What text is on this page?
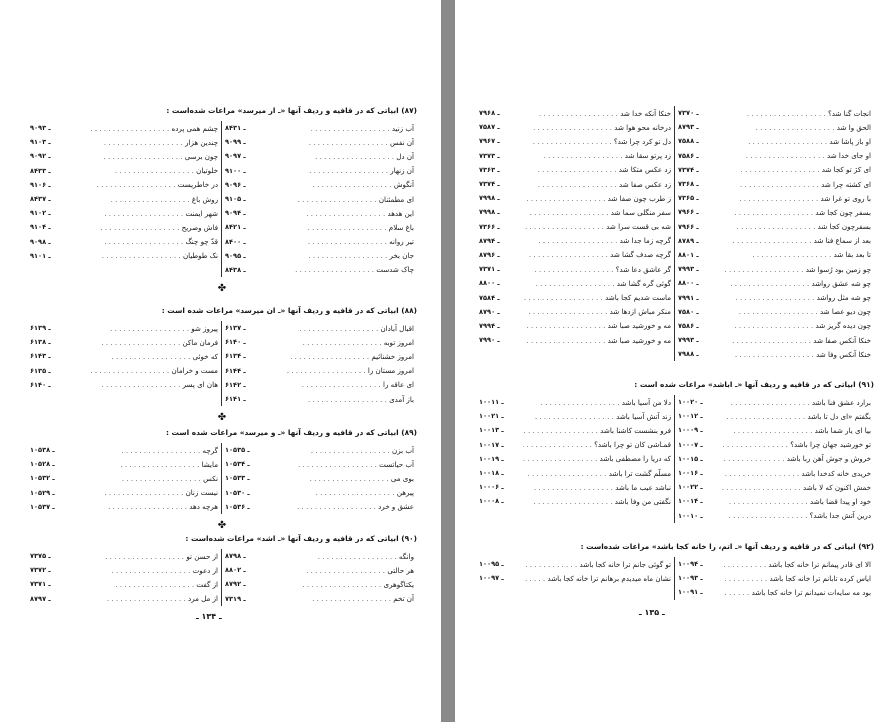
(۸۷) ابیاتی که در قافیه و ردیف آنها «ـ ار میرسد» مراعات شده‌است :
آب زنید . . .
۸۴۳۱ ـ
آن نفس . . .
۹۰۹۹ ـ
آن دل . . .
۹۰۹۷ ـ
آن زنهار . . .
۹۱۰۰ ـ
آنگوش . . .
۹۰۹۶ ـ
ای مطمئنان . . .
۹۱۰۵ ـ
این هدهد . . .
۹۰۹۴ ـ
باغ سلام . . .
۸۴۲۱ ـ
تیر روانه . . .
۸۴۰۰ ـ
جان بخر . . .
۹۰۹۵ ـ
چاک شدست . . .
۸۴۳۸ ـ
چشم همی پرده . . .
۹۰۹۳ ـ
چندین هزار . . .
۹۱۰۳ ـ
چون برسی . . .
۹۰۹۲ ـ
خلوتیان . . .
۸۴۳۳ ـ
در خاطریست . . .
۹۱۰۶ ـ
روش باغ . . .
۸۴۳۷ ـ
شهر ایمنت . . .
۹۱۰۲ ـ
فاش وصریح . . .
۹۱۰۴ ـ
قدّ چو چنگ . . .
۹۰۹۸ ـ
نک طوطیان . . .
۹۱۰۱ ـ
✤
(۸۸) ابیاتی که در قافیه و ردیف آنها «ـ ان میرسد» مراعات شده است :
اقبال آبادان . . .
۶۱۳۷ ـ
امروز توبه . . .
۶۱۴۰ ـ
امروز خشنائیم . . .
۶۱۳۴ ـ
امروز مستان را . . .
۶۱۴۴ ـ
ای عاقه را . . .
۶۱۴۲ ـ
باز آمدی . . .
۶۱۴۱ ـ
پیروز شو . . .
۶۱۳۹ ـ
فرمان ماکن . . .
۶۱۳۸ ـ
که خوئی . . .
۶۱۴۳ ـ
مست و خرامان . . .
۶۱۳۵ ـ
هان ای پسر . . .
۶۱۴۰ ـ
✤
(۸۹) ابیاتی که در قافیه و ردیف آنها «ـ و میرسد» مراعات شده است :
آب بزن . . .
۱۰۵۳۵ ـ
آب حیاتست . . .
۱۰۵۳۴ ـ
بوی می . . .
۱۰۵۳۳ ـ
پیرهن . . .
۱۰۵۳۰ ـ
عشق و خرد . . .
۱۰۵۳۶ ـ
گرچه . . .
۱۰۵۳۸ ـ
مایشا . . .
۱۰۵۲۸ ـ
نکس . . .
۱۰۵۳۲ ـ
نیست زنان . . .
۱۰۵۲۹ ـ
هرچه دهد . . .
۱۰۵۳۷ ـ
✤
(۹۰) ابیاتی که در قافیه و ردیف آنها «ـ اشد» مراعات شده‌است :
وانگه . . .
۸۷۹۸ ـ
هر حالتی . . .
۸۸۰۲ ـ
یکتاگوهری . . .
۸۷۹۲ ـ
آن تخم . . .
۷۳۱۹ ـ
از حسن تو . . .
۷۳۷۵ ـ
از دعوت . . .
۷۳۷۲ ـ
از گفت . . .
۷۳۷۱ ـ
از مل مرد . . .
۸۷۹۷ ـ
ـ ۱۳۴ ـ
انجات گنا شد؟ . . .
۷۳۷۰ ـ
الحق وا شد . . .
۸۷۹۳ ـ
او باز پاشا شد . . .
۷۵۸۸ ـ
او جای خدا شد . . .
۷۵۸۶ ـ
ای کژ تو کجا شد . . .
۷۳۷۴ ـ
ای کشته چرا شد . . .
۷۳۶۸ ـ
با روی تو غرا شد . . .
۷۳۶۵ ـ
بسفر چون کجا شد . . .
۷۹۶۶ ـ
بسفرچون کجا شد . . .
۷۹۶۶ ـ
بعد از سماع فنا شد . . .
۸۷۸۹ ـ
تا بعد بقا شد . . .
۸۸۰۱ ـ
چو زمین بود رُسوا شد . . .
۷۹۹۳ ـ
چو شه عشق رواشد . . .
۸۸۰۰ ـ
چو شه مثل رواشد . . .
۷۹۹۱ ـ
چون دیو عصا شد . . .
۷۵۸۰ ـ
چون دیده گریز شد . . .
۷۵۸۶ ـ
خنکا آنکس صفا شد . . .
۷۹۹۳ ـ
خنکا آنکس وفا شد . . .
۷۹۸۸ ـ
خنکا آنکه خدا شد . . .
۷۹۶۸ ـ
درخانه محو هوا شد . . .
۷۵۸۷ ـ
دل تو کرد چرا شد؟ . . .
۷۹۶۷ ـ
زد پرتو سقا شد . . .
۷۳۷۳ ـ
زد عکس متکا شد . . .
۷۳۶۳ ـ
زد عکس صفا شد . . .
۷۳۷۴ ـ
ز طرب چون صفا شد . . .
۷۹۹۸ ـ
سفر منگلی سما شد . . .
۷۹۹۸ ـ
شه بی قست سرا شد . . .
۷۳۶۶ ـ
گرچه زما جدا شد . . .
۸۷۹۴ ـ
گرچه صدف گشا شد . . .
۸۷۹۶ ـ
گر عاشق دعا شد؟ . . .
۷۳۷۱ ـ
گوئی گره گشا شد . . .
۸۸۰۰ ـ
ماست شدیم کجا باشد . . .
۷۵۸۴ ـ
منکر مباش ازدها شد . . .
۸۷۹۰ ـ
مه و خورشید صبا شد . . .
۷۹۹۴ ـ
مه و خورشید صبا شد . . .
۷۹۹۰ ـ
(۹۱) ابیاتی که در قافیه و ردیف آنها «ـ اباشد» مراعات شده است :
برارد عشق فنا باشد . . .
۱۰۰۲۰ ـ
بگفتم «ای دل تا باشد . . .
۱۰۰۱۲ ـ
بیا ای یار شما باشد . . .
۱۰۰۰۹ ـ
تو خورشید جهان چرا باشد؟ . . .
۱۰۰۰۷ ـ
خروش و جوش آهن ربا باشد . . .
۱۰۰۱۵ ـ
خریدی خانه کدخدا باشد . . .
۱۰۰۱۶ ـ
خمش اکنون که لا باشد . . .
۱۰۰۲۲ ـ
خود او پیدا قضا باشد . . .
۱۰۰۱۴ ـ
درین آتش جدا باشد؟ . . .
۱۰۰۱۰ ـ
دلا من آسیا باشد . . .
۱۰۰۱۱ ـ
زند آتش آسیا باشد . . .
۱۰۰۲۱ ـ
فرو بنشست کاشنا باشد . . .
۱۰۰۱۳ ـ
قمـاشی کان تو چرا باشد؟ . . .
۱۰۰۱۷ ـ
که دریا را مصطفی باشد . . .
۱۰۰۱۹ ـ
مسلّم گشت ترا باشد . . .
۱۰۰۱۸ ـ
نباشد عیب ما باشد . . .
۱۰۰۰۶ ـ
نگفتی من وفا باشد . . .
۱۰۰۰۸ ـ
(۹۲) ابیاتی که در قافیه و ردیف آنها «ـ اتم، را خانه کجا باشد» مراعات شده‌است :
الا ای قادر پیمانم ترا خانه کجا باشد . . .
۱۰۰۹۴ ـ
ایاس کرده تابانم ترا خانه کجا باشد . . .
۱۰۰۹۳ ـ
بود مه سایه‌ات نمیدانم ترا خانه کجا باشد . . .
۱۰۰۹۱ ـ
تو گوئی جانم ترا خانه کجا باشد . . .
۱۰۰۹۵ ـ
نشان ماه میدیدم برهانم ترا خانه کجا باشد . . .
۱۰۰۹۷ ـ
ـ ۱۳۵ ـ
